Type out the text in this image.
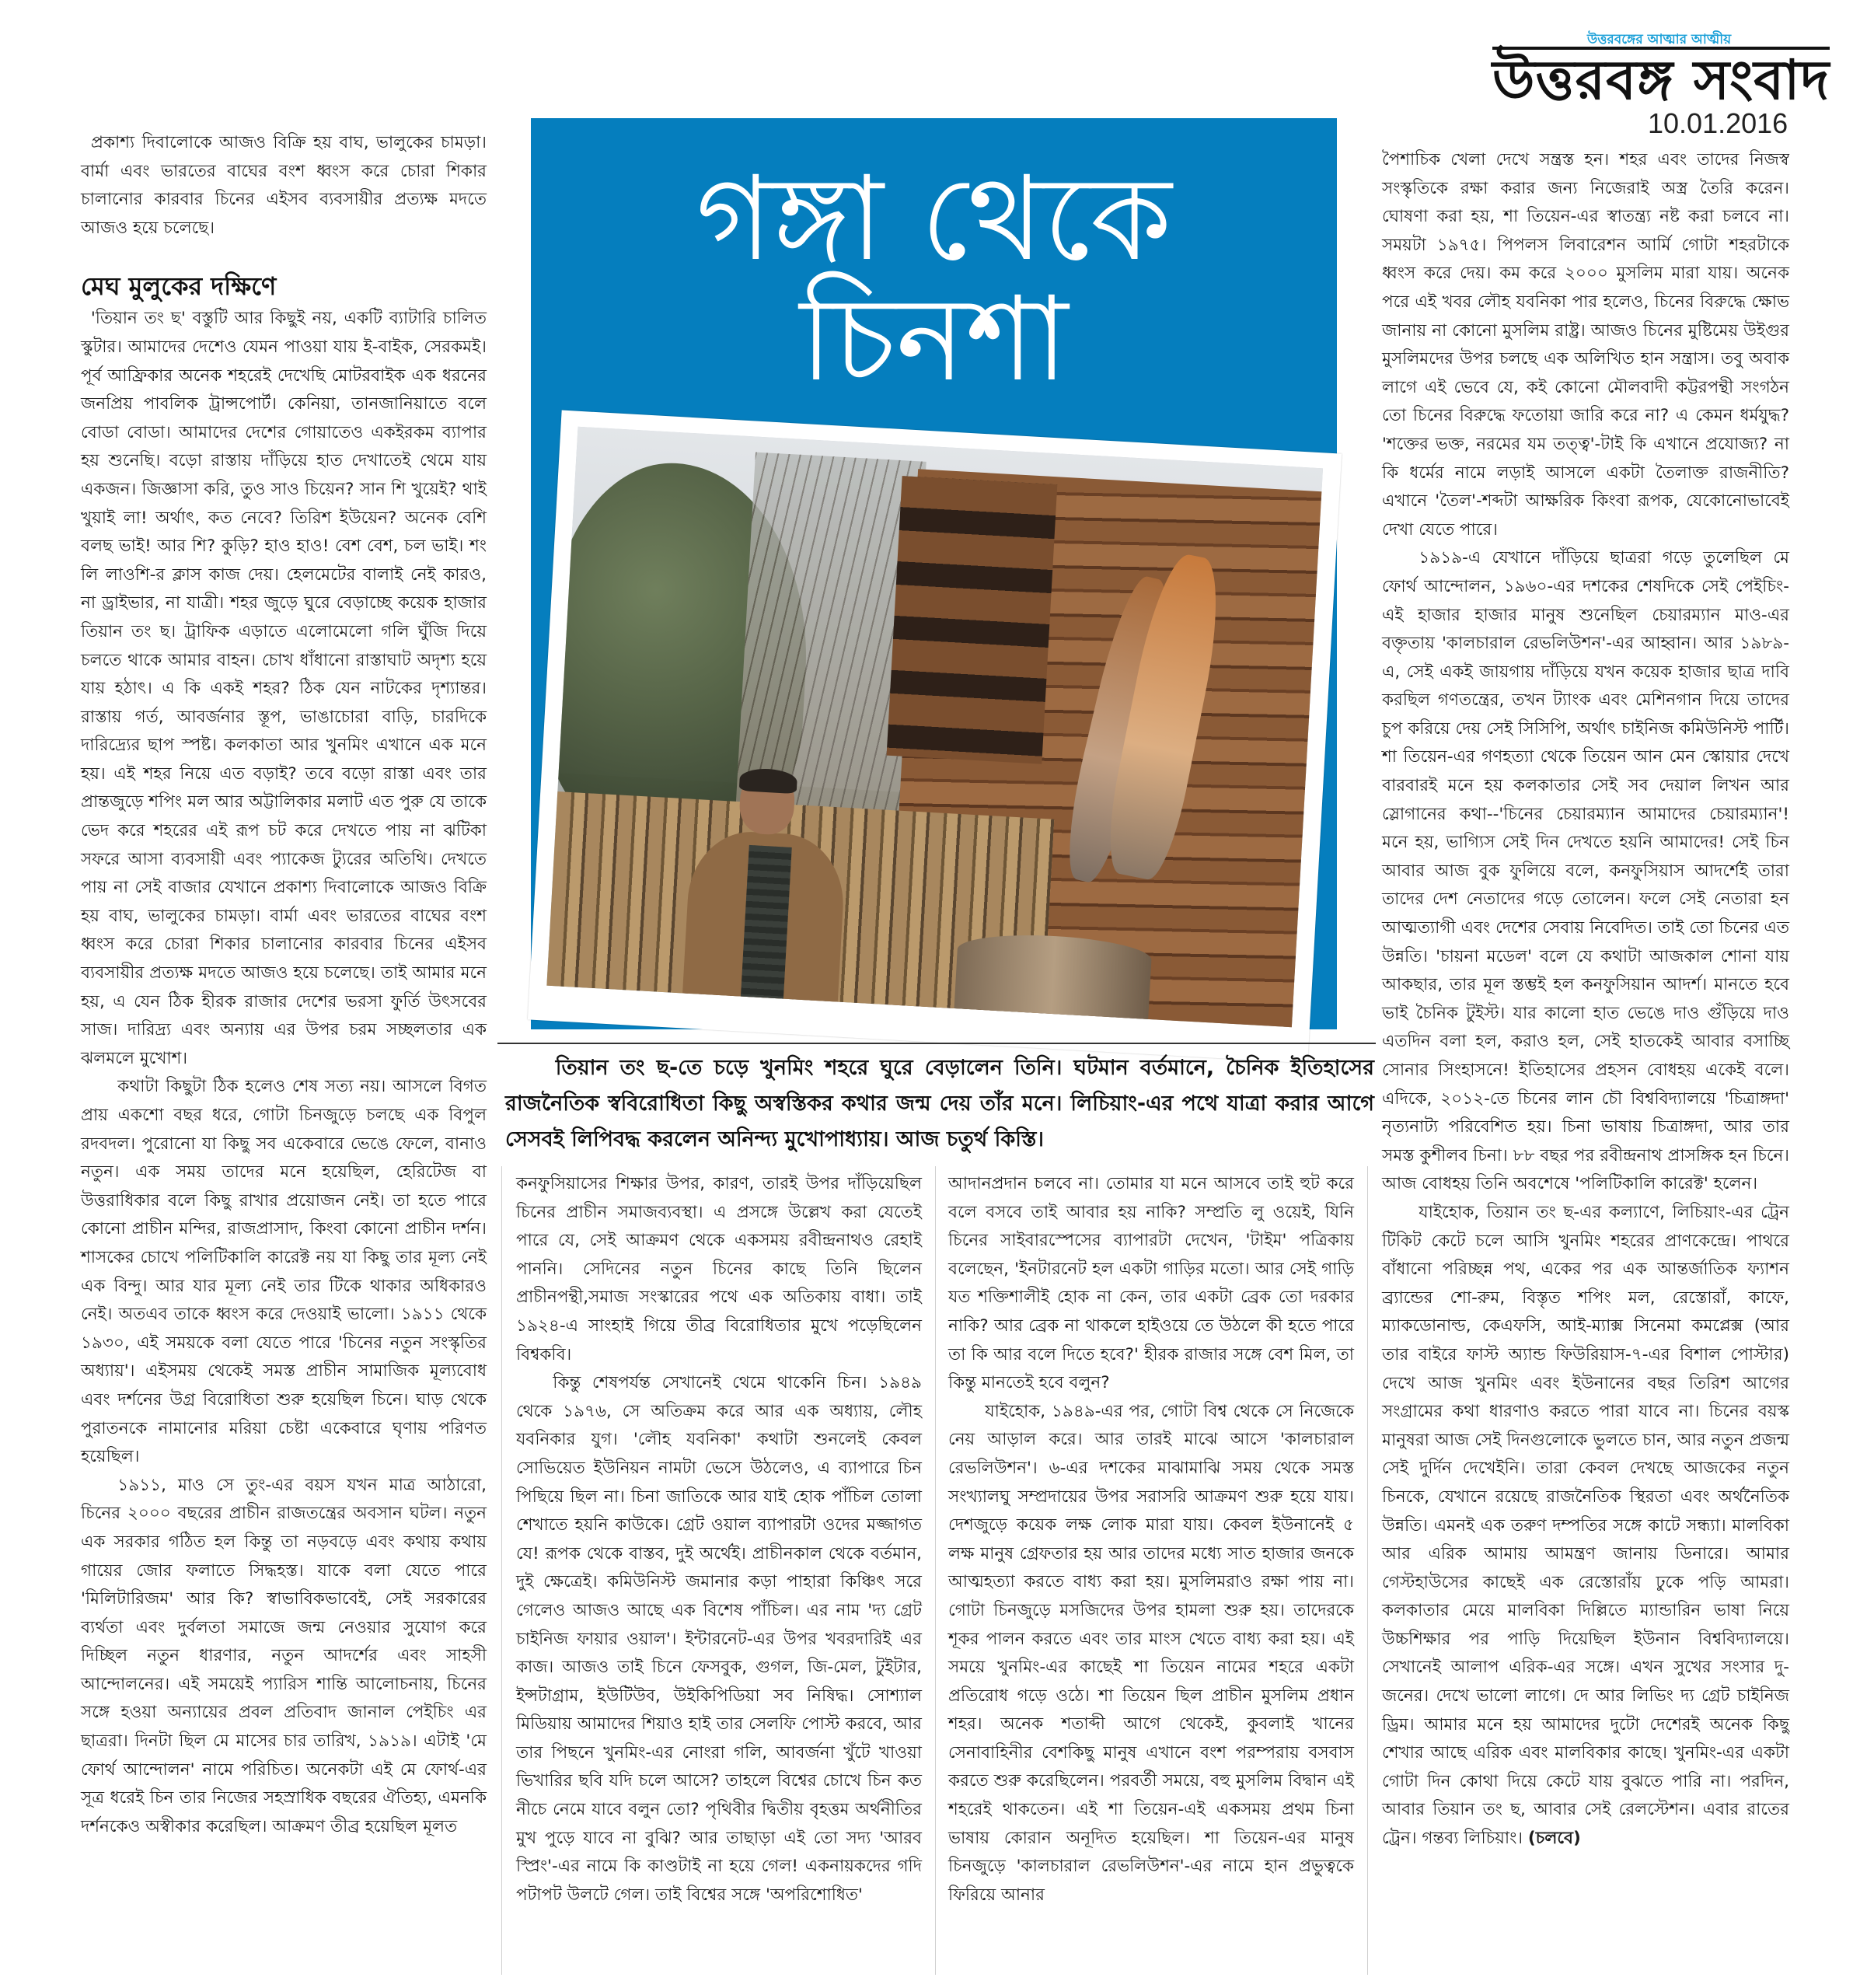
উত্তরবঙ্গের আত্মার আত্মীয়
উত্তরবঙ্গ সংবাদ
10.01.2016

প্রকাশ্য দিবালোকে আজও বিক্রি হয় বাঘ, ভালুকের চামড়া। বার্মা এবং ভারতের বাঘের বংশ ধ্বংস করে চোরা শিকার চালানোর কারবার চিনের এইসব ব্যবসায়ীর প্রত্যক্ষ মদতে আজও হয়ে চলেছে।

মেঘ মুলুকের দক্ষিণে

'তিয়ান তং ছ' বস্তুটি আর কিছুই নয়, একটি ব্যাটারি চালিত স্কুটার। আমাদের দেশেও যেমন পাওয়া যায় ই-বাইক, সেরকমই। পূর্ব আফ্রিকার অনেক শহরেই দেখেছি মোটরবাইক এক ধরনের জনপ্রিয় পাবলিক ট্রান্সপোর্ট। কেনিয়া, তানজানিয়াতে বলে বোডা বোডা। আমাদের দেশের গোয়াতেও একইরকম ব্যাপার হয় শুনেছি। বড়ো রাস্তায় দাঁড়িয়ে হাত দেখাতেই থেমে যায় একজন। জিজ্ঞাসা করি, তুও সাও চিয়েন? সান শি খুয়েই? থাই খুয়াই লা! অর্থাৎ, কত নেবে? তিরিশ ইউয়েন? অনেক বেশি বলছ ভাই! আর শি? কুড়ি? হাও হাও! বেশ বেশ, চল ভাই। শং লি লাওশি-র ক্লাস কাজ দেয়। হেলমেটের বালাই নেই কারও, না ড্রাইভার, না যাত্রী। শহর জুড়ে ঘুরে বেড়াচ্ছে কয়েক হাজার তিয়ান তং ছ। ট্রাফিক এড়াতে এলোমেলো গলি ঘুঁজি দিয়ে চলতে থাকে আমার বাহন। চোখ ধাঁধানো রাস্তাঘাট অদৃশ্য হয়ে যায় হঠাৎ। এ কি একই শহর? ঠিক যেন নাটকের দৃশ্যান্তর। রাস্তায় গর্ত, আবর্জনার স্তূপ, ভাঙাচোরা বাড়ি, চারদিকে দারিদ্র্যের ছাপ স্পষ্ট। কলকাতা আর খুনমিং এখানে এক মনে হয়। এই শহর নিয়ে এত বড়াই? তবে বড়ো রাস্তা এবং তার প্রান্তজুড়ে শপিং মল আর অট্টালিকার মলাট এত পুরু যে তাকে ভেদ করে শহরের এই রূপ চট করে দেখতে পায় না ঝটিকা সফরে আসা ব্যবসায়ী এবং প্যাকেজ ট্যুরের অতিথি। দেখতে পায় না সেই বাজার যেখানে প্রকাশ্য দিবালোকে আজও বিক্রি হয় বাঘ, ভালুকের চামড়া। বার্মা এবং ভারতের বাঘের বংশ ধ্বংস করে চোরা শিকার চালানোর কারবার চিনের এইসব ব্যবসায়ীর প্রত্যক্ষ মদতে আজও হয়ে চলেছে। তাই আমার মনে হয়, এ যেন ঠিক হীরক রাজার দেশের ভরসা ফুর্তি উৎসবের সাজ। দারিদ্র্য এবং অন্যায় এর উপর চরম সচ্ছলতার এক ঝলমলে মুখোশ।

কথাটা কিছুটা ঠিক হলেও শেষ সত্য নয়। আসলে বিগত প্রায় একশো বছর ধরে, গোটা চিনজুড়ে চলছে এক বিপুল রদবদল। পুরোনো যা কিছু সব একেবারে ভেঙে ফেলে, বানাও নতুন। এক সময় তাদের মনে হয়েছিল, হেরিটেজ বা উত্তরাধিকার বলে কিছু রাখার প্রয়োজন নেই। তা হতে পারে কোনো প্রাচীন মন্দির, রাজপ্রাসাদ, কিংবা কোনো প্রাচীন দর্শন। শাসকের চোখে পলিটিকালি কারেক্ট নয় যা কিছু তার মূল্য নেই এক বিন্দু। আর যার মূল্য নেই তার টিকে থাকার অধিকারও নেই। অতএব তাকে ধ্বংস করে দেওয়াই ভালো। ১৯১১ থেকে ১৯৩০, এই সময়কে বলা যেতে পারে 'চিনের নতুন সংস্কৃতির অধ্যায়'। এইসময় থেকেই সমস্ত প্রাচীন সামাজিক মূল্যবোধ এবং দর্শনের উগ্র বিরোধিতা শুরু হয়েছিল চিনে। ঘাড় থেকে পুরাতনকে নামানোর মরিয়া চেষ্টা একেবারে ঘৃণায় পরিণত হয়েছিল।

১৯১১, মাও সে তুং-এর বয়স যখন মাত্র আঠারো, চিনের ২০০০ বছরের প্রাচীন রাজতন্ত্রের অবসান ঘটল। নতুন এক সরকার গঠিত হল কিন্তু তা নড়বড়ে এবং কথায় কথায় গায়ের জোর ফলাতে সিদ্ধহস্ত। যাকে বলা যেতে পারে 'মিলিটারিজম' আর কি? স্বাভাবিকভাবেই, সেই সরকারের ব্যর্থতা এবং দুর্বলতা সমাজে জন্ম নেওয়ার সুযোগ করে দিচ্ছিল নতুন ধারণার, নতুন আদর্শের এবং সাহসী আন্দোলনের। এই সময়েই প্যারিস শান্তি আলোচনায়, চিনের সঙ্গে হওয়া অন্যায়ের প্রবল প্রতিবাদ জানাল পেইচিং এর ছাত্ররা। দিনটা ছিল মে মাসের চার তারিখ, ১৯১৯। এটাই 'মে ফোর্থ আন্দোলন' নামে পরিচিত। অনেকটা এই মে ফোর্থ-এর সূত্র ধরেই চিন তার নিজের সহস্রাধিক বছরের ঐতিহ্য, এমনকি দর্শনকেও অস্বীকার করেছিল। আক্রমণ তীব্র হয়েছিল মূলত

গঙ্গা থেকে
চিনশা
তিয়ান তং ছ-তে চড়ে খুনমিং শহরে ঘুরে বেড়ালেন তিনি। ঘটমান বর্তমানে, চৈনিক ইতিহাসের রাজনৈতিক স্ববিরোধিতা কিছু অস্বস্তিকর কথার জন্ম দেয় তাঁর মনে। লিচিয়াং-এর পথে যাত্রা করার আগে সেসবই লিপিবদ্ধ করলেন অনিন্দ্য মুখোপাধ্যায়। আজ চতুর্থ কিস্তি।

কনফুসিয়াসের শিক্ষার উপর, কারণ, তারই উপর দাঁড়িয়েছিল চিনের প্রাচীন সমাজব্যবস্থা। এ প্রসঙ্গে উল্লেখ করা যেতেই পারে যে, সেই আক্রমণ থেকে একসময় রবীন্দ্রনাথও রেহাই পাননি। সেদিনের নতুন চিনের কাছে তিনি ছিলেন প্রাচীনপন্থী,সমাজ সংস্কারের পথে এক অতিকায় বাধা। তাই ১৯২৪-এ সাংহাই গিয়ে তীব্র বিরোধিতার মুখে পড়েছিলেন বিশ্বকবি।

কিন্তু শেষপর্যন্ত সেখানেই থেমে থাকেনি চিন। ১৯৪৯ থেকে ১৯৭৬, সে অতিক্রম করে আর এক অধ্যায়, লৌহ যবনিকার যুগ। 'লৌহ যবনিকা' কথাটা শুনলেই কেবল সোভিয়েত ইউনিয়ন নামটা ভেসে উঠলেও, এ ব্যাপারে চিন পিছিয়ে ছিল না। চিনা জাতিকে আর যাই হোক পাঁচিল তোলা শেখাতে হয়নি কাউকে। গ্রেট ওয়াল ব্যাপারটা ওদের মজ্জাগত যে! রূপক থেকে বাস্তব, দুই অর্থেই। প্রাচীনকাল থেকে বর্তমান, দুই ক্ষেত্রেই। কমিউনিস্ট জমানার কড়া পাহারা কিঞ্চিৎ সরে গেলেও আজও আছে এক বিশেষ পাঁচিল। এর নাম 'দ্য গ্রেট চাইনিজ ফায়ার ওয়াল'। ইন্টারনেট-এর উপর খবরদারিই এর কাজ। আজও তাই চিনে ফেসবুক, গুগল, জি-মেল, টুইটার, ইন্সটাগ্রাম, ইউটিউব, উইকিপিডিয়া সব নিষিদ্ধ। সোশ্যাল মিডিয়ায় আমাদের শিয়াও হাই তার সেলফি পোস্ট করবে, আর তার পিছনে খুনমিং-এর নোংরা গলি, আবর্জনা খুঁটে খাওয়া ভিখারির ছবি যদি চলে আসে? তাহলে বিশ্বের চোখে চিন কত নীচে নেমে যাবে বলুন তো? পৃথিবীর দ্বিতীয় বৃহত্তম অর্থনীতির মুখ পুড়ে যাবে না বুঝি? আর তাছাড়া এই তো সদ্য 'আরব স্প্রিং'-এর নামে কি কাণ্ডটাই না হয়ে গেল! একনায়কদের গদি পটাপট উলটে গেল। তাই বিশ্বের সঙ্গে 'অপরিশোধিত'

আদানপ্রদান চলবে না। তোমার যা মনে আসবে তাই হুট করে বলে বসবে তাই আবার হয় নাকি? সম্প্রতি লু ওয়েই, যিনি চিনের সাইবারস্পেসের ব্যাপারটা দেখেন, 'টাইম' পত্রিকায় বলেছেন, 'ইনটারনেট হল একটা গাড়ির মতো। আর সেই গাড়ি যত শক্তিশালীই হোক না কেন, তার একটা ব্রেক তো দরকার নাকি? আর ব্রেক না থাকলে হাইওয়ে তে উঠলে কী হতে পারে তা কি আর বলে দিতে হবে?' হীরক রাজার সঙ্গে বেশ মিল, তা কিন্তু মানতেই হবে বলুন?

যাইহোক, ১৯৪৯-এর পর, গোটা বিশ্ব থেকে সে নিজেকে নেয় আড়াল করে। আর তারই মাঝে আসে 'কালচারাল রেভলিউশন'। ৬-এর দশকের মাঝামাঝি সময় থেকে সমস্ত সংখ্যালঘু সম্প্রদায়ের উপর সরাসরি আক্রমণ শুরু হয়ে যায়। দেশজুড়ে কয়েক লক্ষ লোক মারা যায়। কেবল ইউনানেই ৫ লক্ষ মানুষ গ্রেফতার হয় আর তাদের মধ্যে সাত হাজার জনকে আত্মহত্যা করতে বাধ্য করা হয়। মুসলিমরাও রক্ষা পায় না। গোটা চিনজুড়ে মসজিদের উপর হামলা শুরু হয়। তাদেরকে শূকর পালন করতে এবং তার মাংস খেতে বাধ্য করা হয়। এই সময়ে খুনমিং-এর কাছেই শা তিয়েন নামের শহরে একটা প্রতিরোধ গড়ে ওঠে। শা তিয়েন ছিল প্রাচীন মুসলিম প্রধান শহর। অনেক শতাব্দী আগে থেকেই, কুবলাই খানের সেনাবাহিনীর বেশকিছু মানুষ এখানে বংশ পরম্পরায় বসবাস করতে শুরু করেছিলেন। পরবর্তী সময়ে, বহু মুসলিম বিদ্বান এই শহরেই থাকতেন। এই শা তিয়েন-এই একসময় প্রথম চিনা ভাষায় কোরান অনূদিত হয়েছিল। শা তিয়েন-এর মানুষ চিনজুড়ে 'কালচারাল রেভলিউশন'-এর নামে হান প্রভুত্বকে ফিরিয়ে আনার

পৈশাচিক খেলা দেখে সন্ত্রস্ত হন। শহর এবং তাদের নিজস্ব সংস্কৃতিকে রক্ষা করার জন্য নিজেরাই অস্ত্র তৈরি করেন। ঘোষণা করা হয়, শা তিয়েন-এর স্বাতন্ত্র্য নষ্ট করা চলবে না। সময়টা ১৯৭৫। পিপলস লিবারেশন আর্মি গোটা শহরটাকে ধ্বংস করে দেয়। কম করে ২০০০ মুসলিম মারা যায়। অনেক পরে এই খবর লৌহ যবনিকা পার হলেও, চিনের বিরুদ্ধে ক্ষোভ জানায় না কোনো মুসলিম রাষ্ট্র। আজও চিনের মুষ্টিমেয় উইগুর মুসলিমদের উপর চলছে এক অলিখিত হান সন্ত্রাস। তবু অবাক লাগে এই ভেবে যে, কই কোনো মৌলবাদী কট্টরপন্থী সংগঠন তো চিনের বিরুদ্ধে ফতোয়া জারি করে না? এ কেমন ধর্মযুদ্ধ? 'শক্তের ভক্ত, নরমের যম তত্ত্ব'-টাই কি এখানে প্রযোজ্য? না কি ধর্মের নামে লড়াই আসলে একটা তৈলাক্ত রাজনীতি? এখানে 'তৈল'-শব্দটা আক্ষরিক কিংবা রূপক, যেকোনোভাবেই দেখা যেতে পারে।

১৯১৯-এ যেখানে দাঁড়িয়ে ছাত্ররা গড়ে তুলেছিল মে ফোর্থ আন্দোলন, ১৯৬০-এর দশকের শেষদিকে সেই পেইচিং-এই হাজার হাজার মানুষ শুনেছিল চেয়ারম্যান মাও-এর বক্তৃতায় 'কালচারাল রেভলিউশন'-এর আহ্বান। আর ১৯৮৯-এ, সেই একই জায়গায় দাঁড়িয়ে যখন কয়েক হাজার ছাত্র দাবি করছিল গণতন্ত্রের, তখন ট্যাংক এবং মেশিনগান দিয়ে তাদের চুপ করিয়ে দেয় সেই সিসিপি, অর্থাৎ চাইনিজ কমিউনিস্ট পার্টি। শা তিয়েন-এর গণহত্যা থেকে তিয়েন আন মেন স্কোয়ার দেখে বারবারই মনে হয় কলকাতার সেই সব দেয়াল লিখন আর স্লোগানের কথা--'চিনের চেয়ারম্যান আমাদের চেয়ারম্যান'! মনে হয়, ভাগ্যিস সেই দিন দেখতে হয়নি আমাদের! সেই চিন আবার আজ বুক ফুলিয়ে বলে, কনফুসিয়াস আদর্শেই তারা তাদের দেশ নেতাদের গড়ে তোলেন। ফলে সেই নেতারা হন আত্মত্যাগী এবং দেশের সেবায় নিবেদিত। তাই তো চিনের এত উন্নতি। 'চায়না মডেল' বলে যে কথাটা আজকাল শোনা যায় আকছার, তার মূল স্তম্ভই হল কনফুসিয়ান আদর্শ। মানতে হবে ভাই চৈনিক টুইস্ট। যার কালো হাত ভেঙে দাও গুঁড়িয়ে দাও এতদিন বলা হল, করাও হল, সেই হাতকেই আবার বসাচ্ছি সোনার সিংহাসনে! ইতিহাসের প্রহসন বোধহয় একেই বলে। এদিকে, ২০১২-তে চিনের লান চৌ বিশ্ববিদ্যালয়ে 'চিত্রাঙ্গদা' নৃত্যনাট্য পরিবেশিত হয়। চিনা ভাষায় চিত্রাঙ্গদা, আর তার সমস্ত কুশীলব চিনা। ৮৮ বছর পর রবীন্দ্রনাথ প্রাসঙ্গিক হন চিনে। আজ বোধহয় তিনি অবশেষে 'পলিটিকালি কারেক্ট' হলেন।

যাইহোক, তিয়ান তং ছ-এর কল্যাণে, লিচিয়াং-এর ট্রেন টিকিট কেটে চলে আসি খুনমিং শহরের প্রাণকেন্দ্রে। পাথরে বাঁধানো পরিচ্ছন্ন পথ, একের পর এক আন্তর্জাতিক ফ্যাশন ব্র্যান্ডের শো-রুম, বিস্তৃত শপিং মল, রেস্তোরাঁ, কাফে, ম্যাকডোনাল্ড, কেএফসি, আই-ম্যাক্স সিনেমা কমপ্লেক্স (আর তার বাইরে ফাস্ট অ্যান্ড ফিউরিয়াস-৭-এর বিশাল পোস্টার) দেখে আজ খুনমিং এবং ইউনানের বছর তিরিশ আগের সংগ্রামের কথা ধারণাও করতে পারা যাবে না। চিনের বয়স্ক মানুষরা আজ সেই দিনগুলোকে ভুলতে চান, আর নতুন প্রজন্ম সেই দুর্দিন দেখেইনি। তারা কেবল দেখছে আজকের নতুন চিনকে, যেখানে রয়েছে রাজনৈতিক স্থিরতা এবং অর্থনৈতিক উন্নতি। এমনই এক তরুণ দম্পতির সঙ্গে কাটে সন্ধ্যা। মালবিকা আর এরিক আমায় আমন্ত্রণ জানায় ডিনারে। আমার গেস্টহাউসের কাছেই এক রেস্তোরাঁয় ঢুকে পড়ি আমরা। কলকাতার মেয়ে মালবিকা দিল্লিতে ম্যান্ডারিন ভাষা নিয়ে উচ্চশিক্ষার পর পাড়ি দিয়েছিল ইউনান বিশ্ববিদ্যালয়ে। সেখানেই আলাপ এরিক-এর সঙ্গে। এখন সুখের সংসার দু-জনের। দেখে ভালো লাগে। দে আর লিভিং দ্য গ্রেট চাইনিজ ড্রিম। আমার মনে হয় আমাদের দুটো দেশেরই অনেক কিছু শেখার আছে এরিক এবং মালবিকার কাছে। খুনমিং-এর একটা গোটা দিন কোথা দিয়ে কেটে যায় বুঝতে পারি না। পরদিন, আবার তিয়ান তং ছ, আবার সেই রেলস্টেশন। এবার রাতের ট্রেন। গন্তব্য লিচিয়াং। (চলবে)
